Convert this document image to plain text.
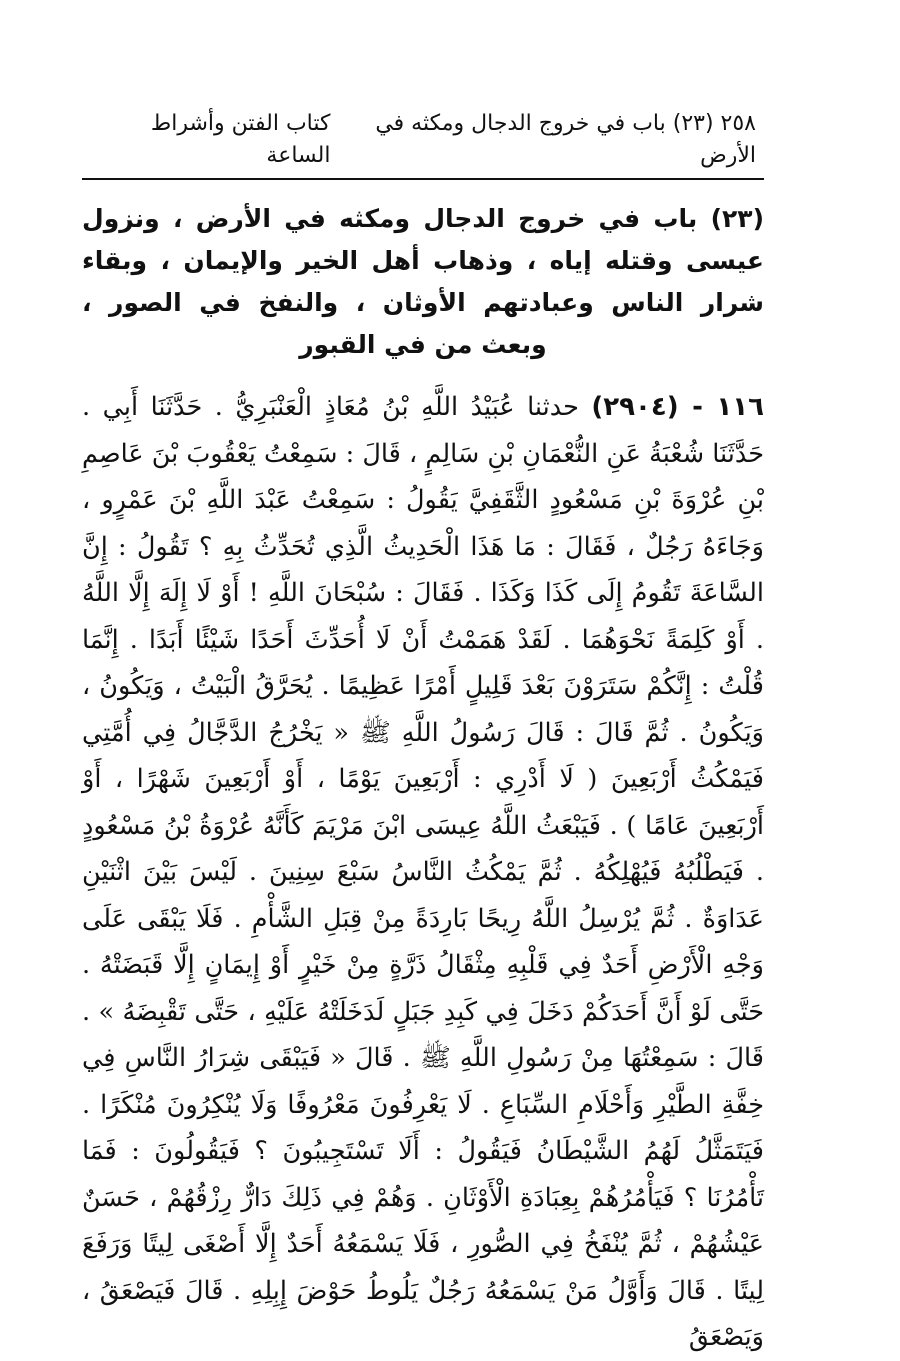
٢٥٨ (٢٣) باب في خروج الدجال ومكثه في الأرض
كتاب الفتن وأشراط الساعة
(٢٣) باب في خروج الدجال ومكثه في الأرض ، ونزول عيسى وقتله إياه ، وذهاب أهل الخير والإيمان ، وبقاء شرار الناس وعبادتهم الأوثان ، والنفخ في الصور ، وبعث من في القبور
١١٦ - (٢٩٠٤) حدثنا عُبَيْدُ اللَّهِ بْنُ مُعَاذٍ الْعَنْبَرِيُّ . حَدَّثَنَا أَبِي . حَدَّثَنَا شُعْبَةُ عَنِ النُّعْمَانِ بْنِ سَالِمٍ ، قَالَ : سَمِعْتُ يَعْقُوبَ بْنَ عَاصِمِ بْنِ عُرْوَةَ بْنِ مَسْعُودٍ الثَّقَفِيَّ يَقُولُ : سَمِعْتُ عَبْدَ اللَّهِ بْنَ عَمْرٍو ، وَجَاءَهُ رَجُلٌ ، فَقَالَ : مَا هَذَا الْحَدِيثُ الَّذِي تُحَدِّثُ بِهِ ؟ تَقُولُ : إِنَّ السَّاعَةَ تَقُومُ إِلَى كَذَا وَكَذَا . فَقَالَ : سُبْحَانَ اللَّهِ ! أَوْ لَا إِلَهَ إِلَّا اللَّهُ . أَوْ كَلِمَةً نَحْوَهُمَا . لَقَدْ هَمَمْتُ أَنْ لَا أُحَدِّثَ أَحَدًا شَيْئًا أَبَدًا . إِنَّمَا قُلْتُ : إِنَّكُمْ سَتَرَوْنَ بَعْدَ قَلِيلٍ أَمْرًا عَظِيمًا . يُحَرَّقُ الْبَيْتُ ، وَيَكُونُ ، وَيَكُونُ . ثُمَّ قَالَ : قَالَ رَسُولُ اللَّهِ ﷺ « يَخْرُجُ الدَّجَّالُ فِي أُمَّتِي فَيَمْكُثُ أَرْبَعِينَ ( لَا أَدْرِي : أَرْبَعِينَ يَوْمًا ، أَوْ أَرْبَعِينَ شَهْرًا ، أَوْ أَرْبَعِينَ عَامًا ) . فَيَبْعَثُ اللَّهُ عِيسَى ابْنَ مَرْيَمَ كَأَنَّهُ عُرْوَةُ بْنُ مَسْعُودٍ . فَيَطْلُبُهُ فَيُهْلِكُهُ . ثُمَّ يَمْكُثُ النَّاسُ سَبْعَ سِنِينَ . لَيْسَ بَيْنَ اثْنَيْنِ عَدَاوَةٌ . ثُمَّ يُرْسِلُ اللَّهُ رِيحًا بَارِدَةً مِنْ قِبَلِ الشَّأْمِ . فَلَا يَبْقَى عَلَى وَجْهِ الْأَرْضِ أَحَدٌ فِي قَلْبِهِ مِثْقَالُ ذَرَّةٍ مِنْ خَيْرٍ أَوْ إِيمَانٍ إِلَّا قَبَضَتْهُ . حَتَّى لَوْ أَنَّ أَحَدَكُمْ دَخَلَ فِي كَبِدِ جَبَلٍ لَدَخَلَتْهُ عَلَيْهِ ، حَتَّى تَقْبِضَهُ » . قَالَ : سَمِعْتُهَا مِنْ رَسُولِ اللَّهِ ﷺ . قَالَ « فَيَبْقَى شِرَارُ النَّاسِ فِي خِفَّةِ الطَّيْرِ وَأَحْلَامِ السِّبَاعِ . لَا يَعْرِفُونَ مَعْرُوفًا وَلَا يُنْكِرُونَ مُنْكَرًا . فَيَتَمَثَّلُ لَهُمُ الشَّيْطَانُ فَيَقُولُ : أَلَا تَسْتَجِيبُونَ ؟ فَيَقُولُونَ : فَمَا تَأْمُرُنَا ؟ فَيَأْمُرُهُمْ بِعِبَادَةِ الْأَوْثَانِ . وَهُمْ فِي ذَلِكَ دَارٌّ رِزْقُهُمْ ، حَسَنٌ عَيْشُهُمْ ، ثُمَّ يُنْفَخُ فِي الصُّورِ ، فَلَا يَسْمَعُهُ أَحَدٌ إِلَّا أَصْغَى لِيتًا وَرَفَعَ لِيتًا . قَالَ وَأَوَّلُ مَنْ يَسْمَعُهُ رَجُلٌ يَلُوطُ حَوْضَ إِبِلِهِ . قَالَ فَيَصْعَقُ ، وَيَصْعَقُ
